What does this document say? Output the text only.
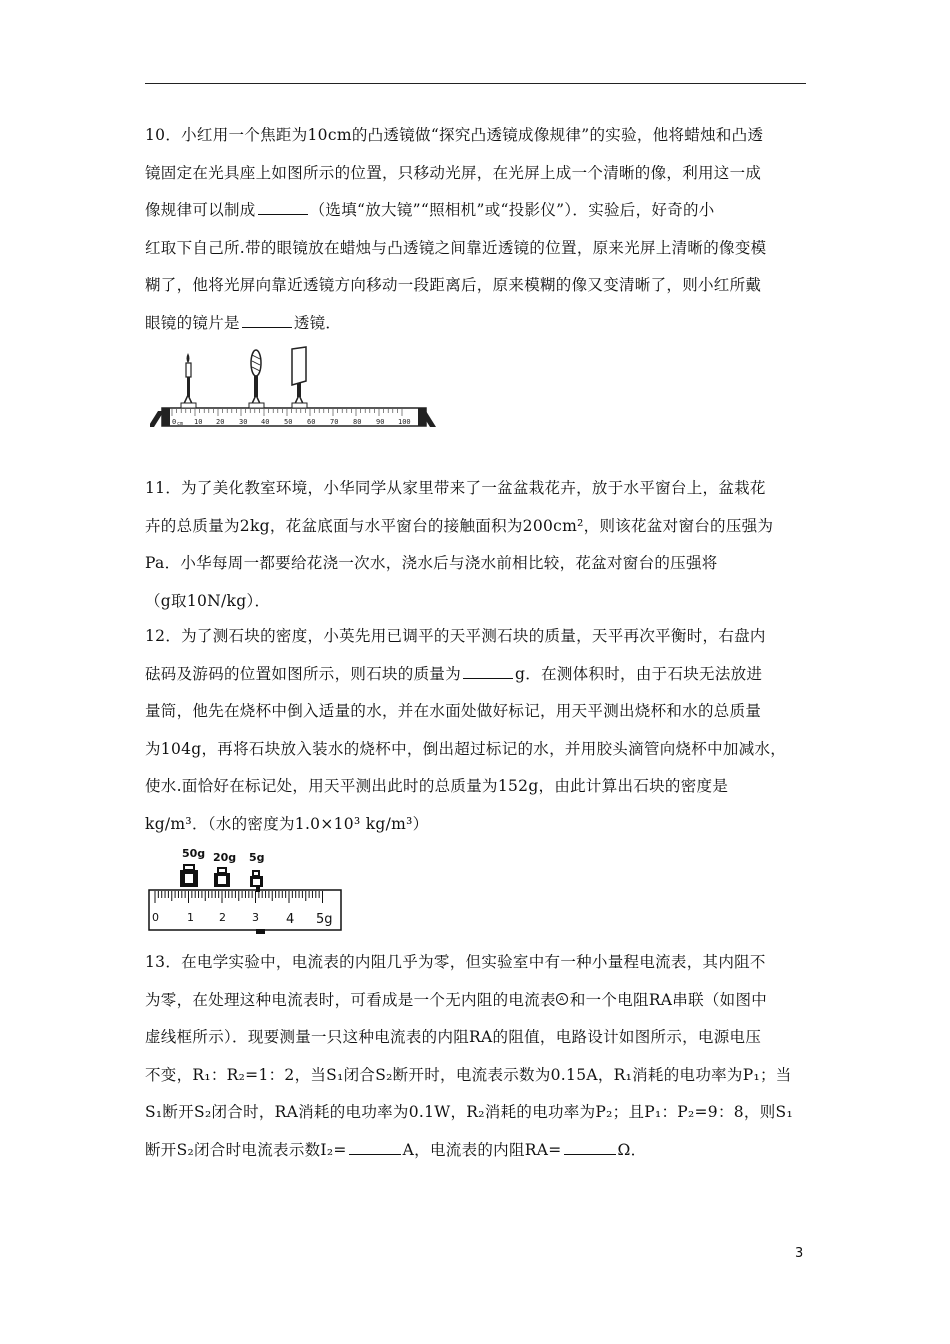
10．小红用一个焦距为10cm的凸透镜做“探究凸透镜成像规律”的实验，他将蜡烛和凸透
镜固定在光具座上如图所示的位置，只移动光屏，在光屏上成一个清晰的像，利用这一成
像规律可以制成	（选填“放大镜”“照相机”或“投影仪”）．实验后，好奇的小
红取下自己所.带的眼镜放在蜡烛与凸透镜之间靠近透镜的位置，原来光屏上清晰的像变模
糊了，他将光屏向靠近透镜方向移动一段距离后，原来模糊的像又变清晰了，则小红所戴
眼镜的镜片是	透镜．
0 cm 10 20 30 40 50 60 70 80 90 100
11．为了美化教室环境，小华同学从家里带来了一盆盆栽花卉，放于水平窗台上，盆栽花
卉的总质量为2kg，花盆底面与水平窗台的接触面积为200cm²，则该花盆对窗台的压强为
Pa．小华每周一都要给花浇一次水，浇水后与浇水前相比较，花盆对窗台的压强将
（g取10N/kg）．
12．为了测石块的密度，小英先用已调平的天平测石块的质量，天平再次平衡时，右盘内
砝码及游码的位置如图所示，则石块的质量为	g．在测体积时，由于石块无法放进
量筒，他先在烧杯中倒入适量的水，并在水面处做好标记，用天平测出烧杯和水的总质量
为104g，再将石块放入装水的烧杯中，倒出超过标记的水，并用胶头滴管向烧杯中加减水，
使水.面恰好在标记处，用天平测出此时的总质量为152g，由此计算出石块的密度是
kg/m³．（水的密度为1.0×10³ kg/m³）
50g 20g 5g
0	1 2 3 4 5g
13．在电学实验中，电流表的内阻几乎为零，但实验室中有一种小量程电流表，其内阻不
为零，在处理这种电流表时，可看成是一个无内阻的电流表 A 和一个电阻RA串联（如图中
虚线框所示）．现要测量一只这种电流表的内阻RA的阻值，电路设计如图所示，电源电压
不变，R₁：R₂=1：2，当S₁闭合S₂断开时，电流表示数为0.15A，R₁消耗的电功率为P₁；当
S₁断开S₂闭合时，RA消耗的电功率为0.1W，R₂消耗的电功率为P₂；且P₁：P₂=9：8，则S₁
断开S₂闭合时电流表示数I₂=	A，电流表的内阻RA=	Ω．
3
